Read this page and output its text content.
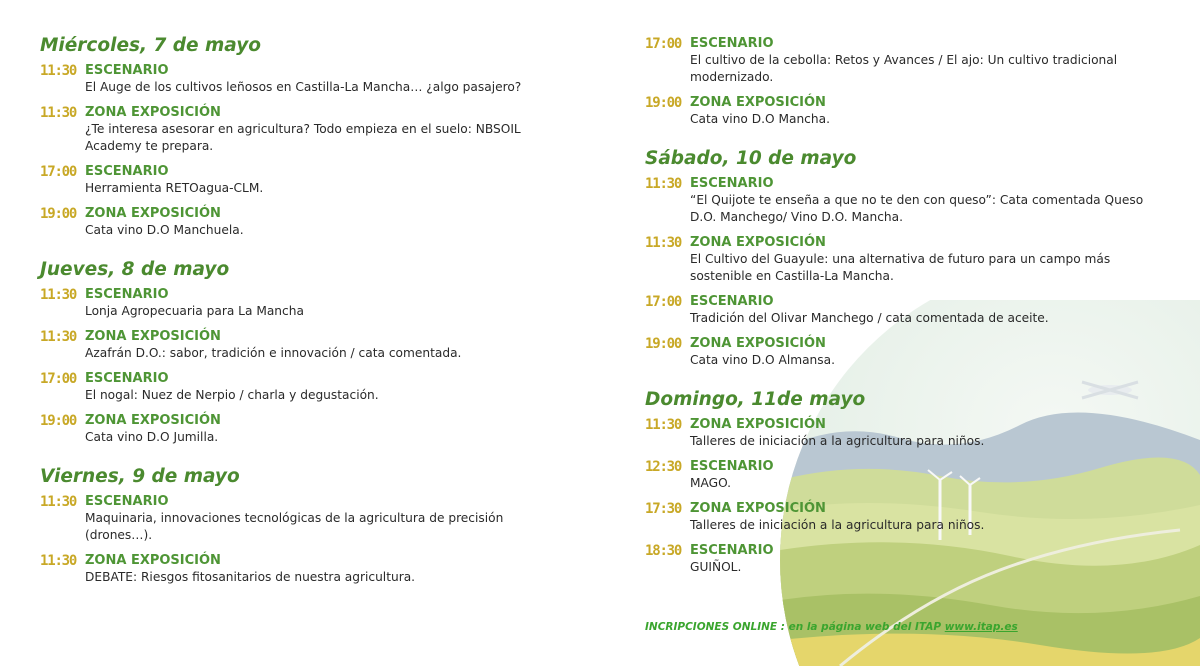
Miércoles, 7 de mayo
11:30 ESCENARIO
El Auge de los cultivos leñosos en Castilla-La Mancha… ¿algo pasajero?
11:30 ZONA EXPOSICIÓN
¿Te interesa asesorar en agricultura? Todo empieza en el suelo: NBSOIL Academy te prepara.
17:00 ESCENARIO
Herramienta RETOagua-CLM.
19:00 ZONA EXPOSICIÓN
Cata vino D.O Manchuela.
Jueves, 8 de mayo
11:30 ESCENARIO
Lonja Agropecuaria para La Mancha
11:30 ZONA EXPOSICIÓN
Azafrán D.O.: sabor, tradición e innovación / cata comentada.
17:00 ESCENARIO
El nogal: Nuez de Nerpio / charla y degustación.
19:00 ZONA EXPOSICIÓN
Cata vino D.O Jumilla.
Viernes, 9 de mayo
11:30 ESCENARIO
Maquinaria, innovaciones tecnológicas de la agricultura de precisión (drones…).
11:30 ZONA EXPOSICIÓN
DEBATE: Riesgos fitosanitarios de nuestra agricultura.
17:00 ESCENARIO
El cultivo de la cebolla: Retos y Avances / El ajo: Un cultivo tradicional modernizado.
19:00 ZONA EXPOSICIÓN
Cata vino D.O Mancha.
Sábado, 10 de mayo
11:30 ESCENARIO
“El Quijote te enseña a que no te den con queso”: Cata comentada Queso D.O. Manchego/ Vino D.O. Mancha.
11:30 ZONA EXPOSICIÓN
El Cultivo del Guayule: una alternativa de futuro para un campo más sostenible en Castilla-La Mancha.
17:00 ESCENARIO
Tradición del Olivar Manchego / cata comentada de aceite.
19:00 ZONA EXPOSICIÓN
Cata vino D.O Almansa.
Domingo, 11de mayo
11:30 ZONA EXPOSICIÓN
Talleres de iniciación a la agricultura para niños.
12:30 ESCENARIO
MAGO.
17:30 ZONA EXPOSICIÓN
Talleres de iniciación a la agricultura para niños.
18:30 ESCENARIO
GUIÑOL.
INCRIPCIONES ONLINE : en la página web del ITAP www.itap.es
